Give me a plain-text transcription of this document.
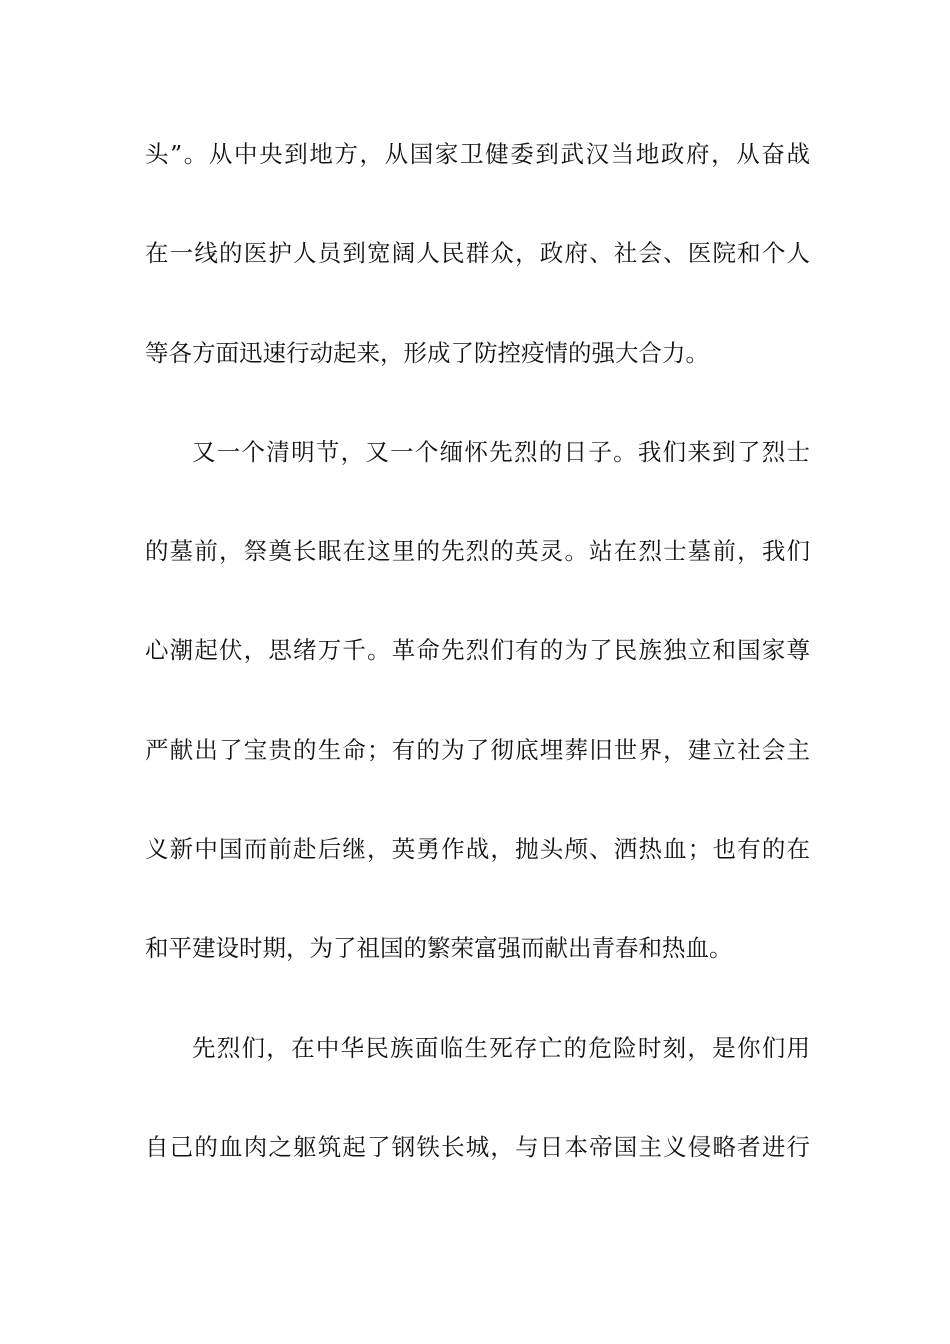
头”。从中央到地方，从国家卫健委到武汉当地政府，从奋战
在一线的医护人员到宽阔人民群众，政府、社会、医院和个人
等各方面迅速行动起来，形成了防控疫情的强大合力。
又一个清明节，又一个缅怀先烈的日子。我们来到了烈士
的墓前，祭奠长眠在这里的先烈的英灵。站在烈士墓前，我们
心潮起伏，思绪万千。革命先烈们有的为了民族独立和国家尊
严献出了宝贵的生命；有的为了彻底埋葬旧世界，建立社会主
义新中国而前赴后继，英勇作战，抛头颅、洒热血；也有的在
和平建设时期，为了祖国的繁荣富强而献出青春和热血。
先烈们，在中华民族面临生死存亡的危险时刻，是你们用
自己的血肉之躯筑起了钢铁长城，与日本帝国主义侵略者进行
